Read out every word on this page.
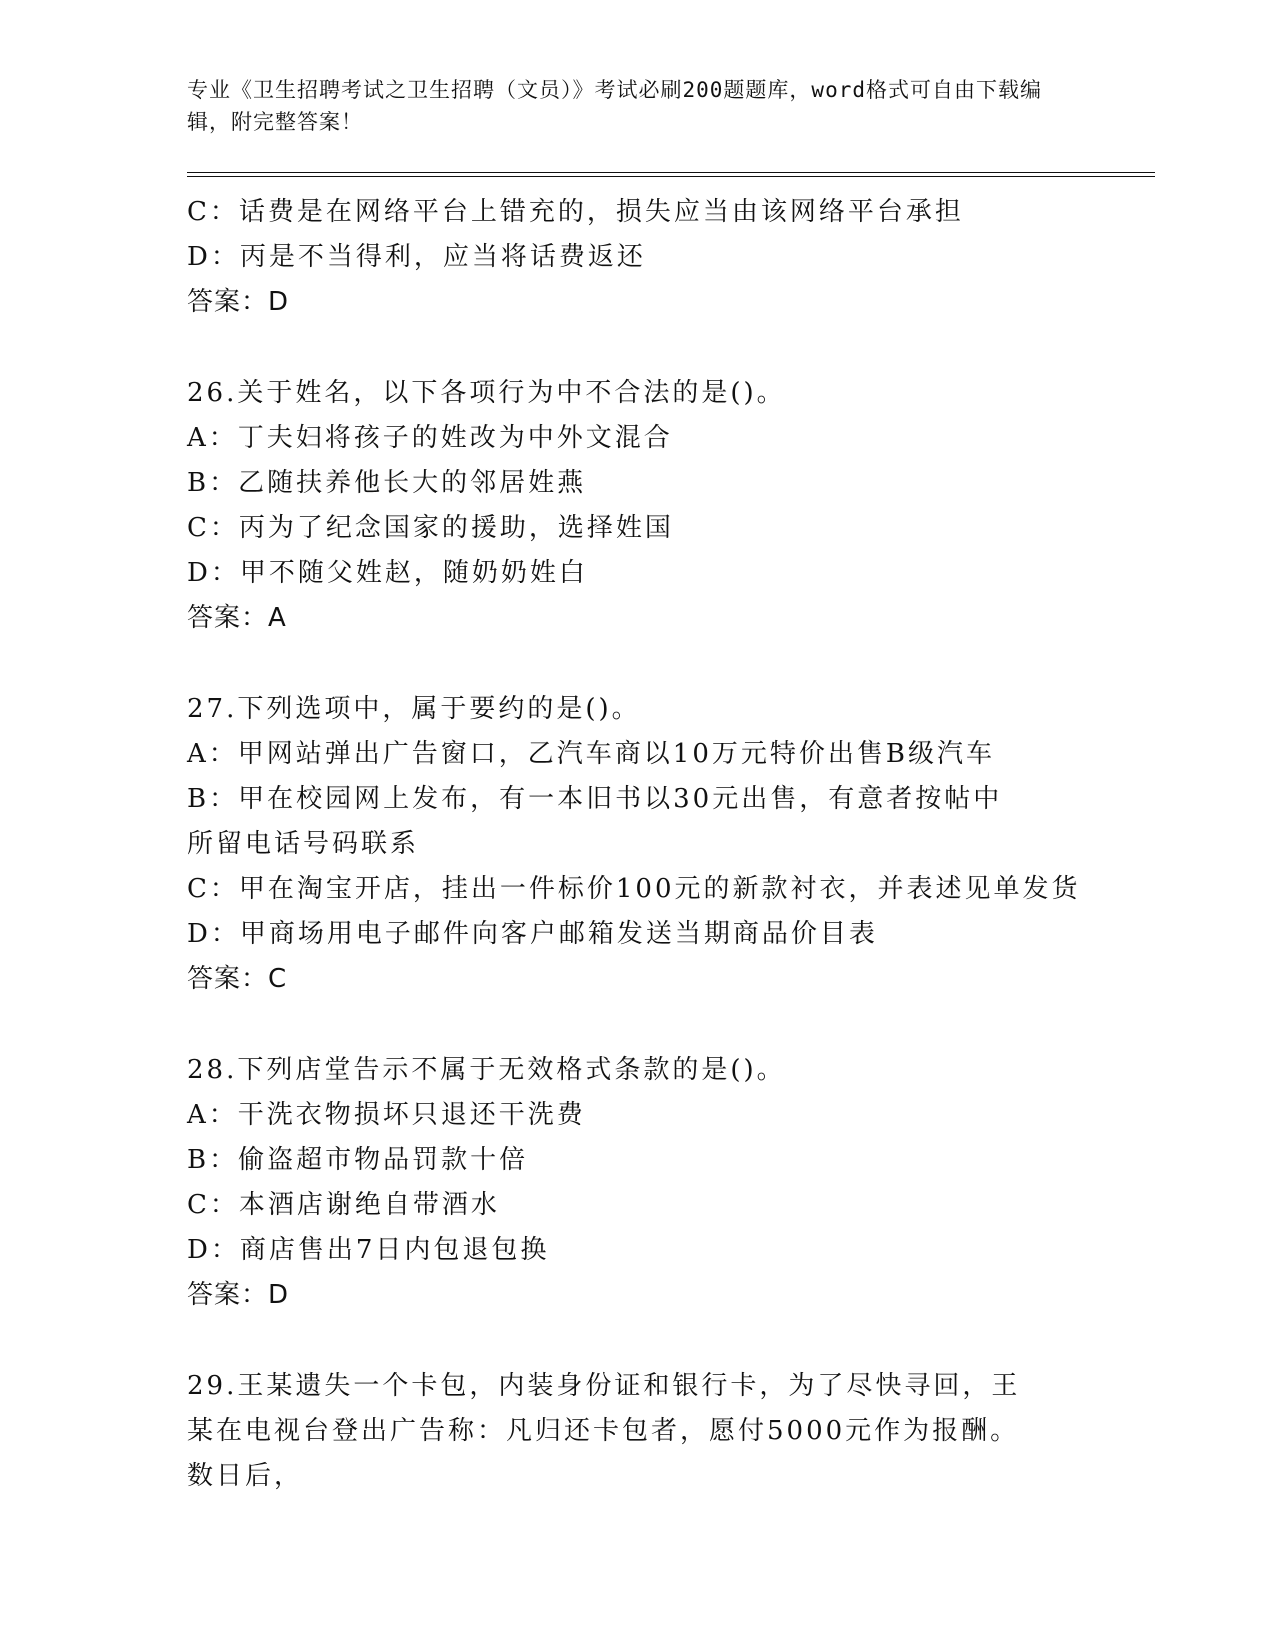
专业《卫生招聘考试之卫生招聘（文员）》考试必刷200题题库，word格式可自由下载编辑，附完整答案！
C：话费是在网络平台上错充的，损失应当由该网络平台承担
D：丙是不当得利，应当将话费返还
答案：D
26.关于姓名，以下各项行为中不合法的是()。
A：丁夫妇将孩子的姓改为中外文混合
B：乙随扶养他长大的邻居姓燕
C：丙为了纪念国家的援助，选择姓国
D：甲不随父姓赵，随奶奶姓白
答案：A
27.下列选项中，属于要约的是()。
A：甲网站弹出广告窗口，乙汽车商以10万元特价出售B级汽车
B：甲在校园网上发布，有一本旧书以30元出售，有意者按帖中所留电话号码联系
C：甲在淘宝开店，挂出一件标价100元的新款衬衣，并表述见单发货
D：甲商场用电子邮件向客户邮箱发送当期商品价目表
答案：C
28.下列店堂告示不属于无效格式条款的是()。
A：干洗衣物损坏只退还干洗费
B：偷盗超市物品罚款十倍
C：本酒店谢绝自带酒水
D：商店售出7日内包退包换
答案：D
29.王某遗失一个卡包，内装身份证和银行卡，为了尽快寻回，王某在电视台登出广告称：凡归还卡包者，愿付5000元作为报酬。数日后，
